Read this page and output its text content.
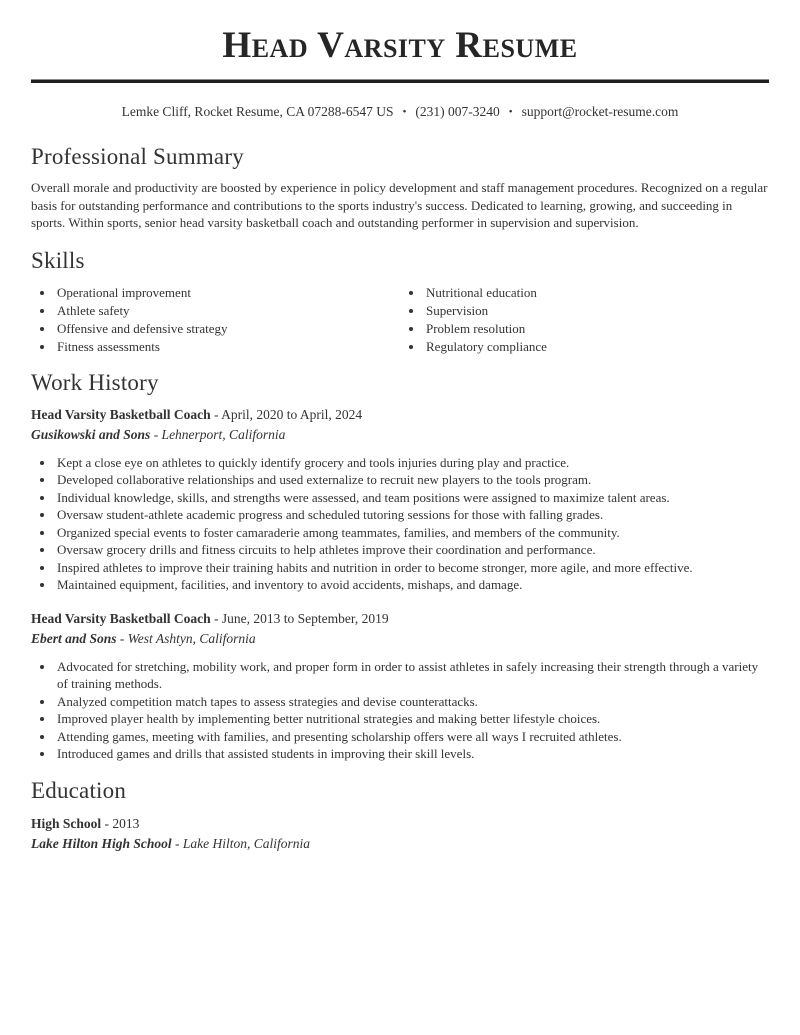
Head Varsity Resume
Lemke Cliff, Rocket Resume, CA 07288-6547 US • (231) 007-3240 • support@rocket-resume.com
Professional Summary

Overall morale and productivity are boosted by experience in policy development and staff management procedures. Recognized on a regular basis for outstanding performance and contributions to the sports industry's success. Dedicated to learning, growing, and succeeding in sports. Within sports, senior head varsity basketball coach and outstanding performer in supervision and supervision.

Skills
• Operational improvement
• Athlete safety
• Offensive and defensive strategy
• Fitness assessments
• Nutritional education
• Supervision
• Problem resolution
• Regulatory compliance
Work History
Head Varsity Basketball Coach - April, 2020 to April, 2024
Gusikowski and Sons - Lehnerport, California
• Kept a close eye on athletes to quickly identify grocery and tools injuries during play and practice.
• Developed collaborative relationships and used externalize to recruit new players to the tools program.
• Individual knowledge, skills, and strengths were assessed, and team positions were assigned to maximize talent areas.
• Oversaw student-athlete academic progress and scheduled tutoring sessions for those with falling grades.
• Organized special events to foster camaraderie among teammates, families, and members of the community.
• Oversaw grocery drills and fitness circuits to help athletes improve their coordination and performance.
• Inspired athletes to improve their training habits and nutrition in order to become stronger, more agile, and more effective.
• Maintained equipment, facilities, and inventory to avoid accidents, mishaps, and damage.
Head Varsity Basketball Coach - June, 2013 to September, 2019
Ebert and Sons - West Ashtyn, California
• Advocated for stretching, mobility work, and proper form in order to assist athletes in safely increasing their strength through a variety of training methods.
• Analyzed competition match tapes to assess strategies and devise counterattacks.
• Improved player health by implementing better nutritional strategies and making better lifestyle choices.
• Attending games, meeting with families, and presenting scholarship offers were all ways I recruited athletes.
• Introduced games and drills that assisted students in improving their skill levels.
Education
High School - 2013
Lake Hilton High School - Lake Hilton, California
